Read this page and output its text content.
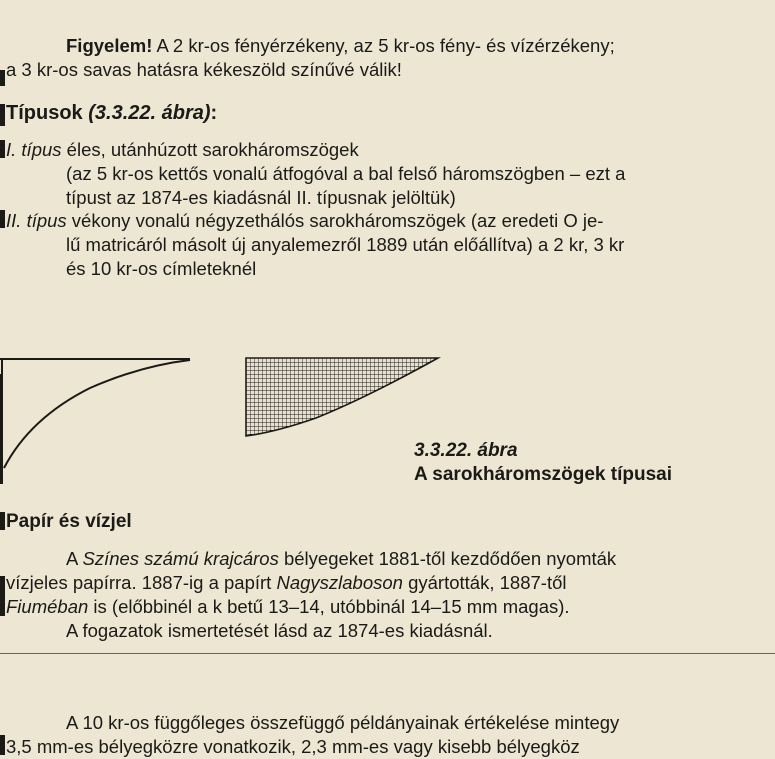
Figyelem! A 2 kr-os fényérzékeny, az 5 kr-os fény- és vízérzékeny;
a 3 kr-os savas hatásra kékeszöld színűvé válik!
Típusok (3.3.22. ábra):
I. típus éles, utánhúzott sarokháromszögek
(az 5 kr-os kettős vonalú átfogóval a bal felső háromszögben – ezt a
típust az 1874-es kiadásnál II. típusnak jelöltük)
II. típus vékony vonalú négyzethálós sarokháromszögek (az eredeti O je-
lű matricáról másolt új anyalemezről 1889 után előállítva) a 2 kr, 3 kr
és 10 kr-os címleteknél
3.3.22. ábra
A sarokháromszögek típusai
Papír és vízjel
A Színes számú krajcáros bélyegeket 1881-től kezdődően nyomták
vízjeles papírra. 1887-ig a papírt Nagyszlaboson gyártották, 1887-től
Fiuméban is (előbbinél a k betű 13–14, utóbbinál 14–15 mm magas).
A fogazatok ismertetését lásd az 1874-es kiadásnál.
A 10 kr-os függőleges összefüggő példányainak értékelése mintegy
3,5 mm-es bélyegközre vonatkozik, 2,3 mm-es vagy kisebb bélyegköz
